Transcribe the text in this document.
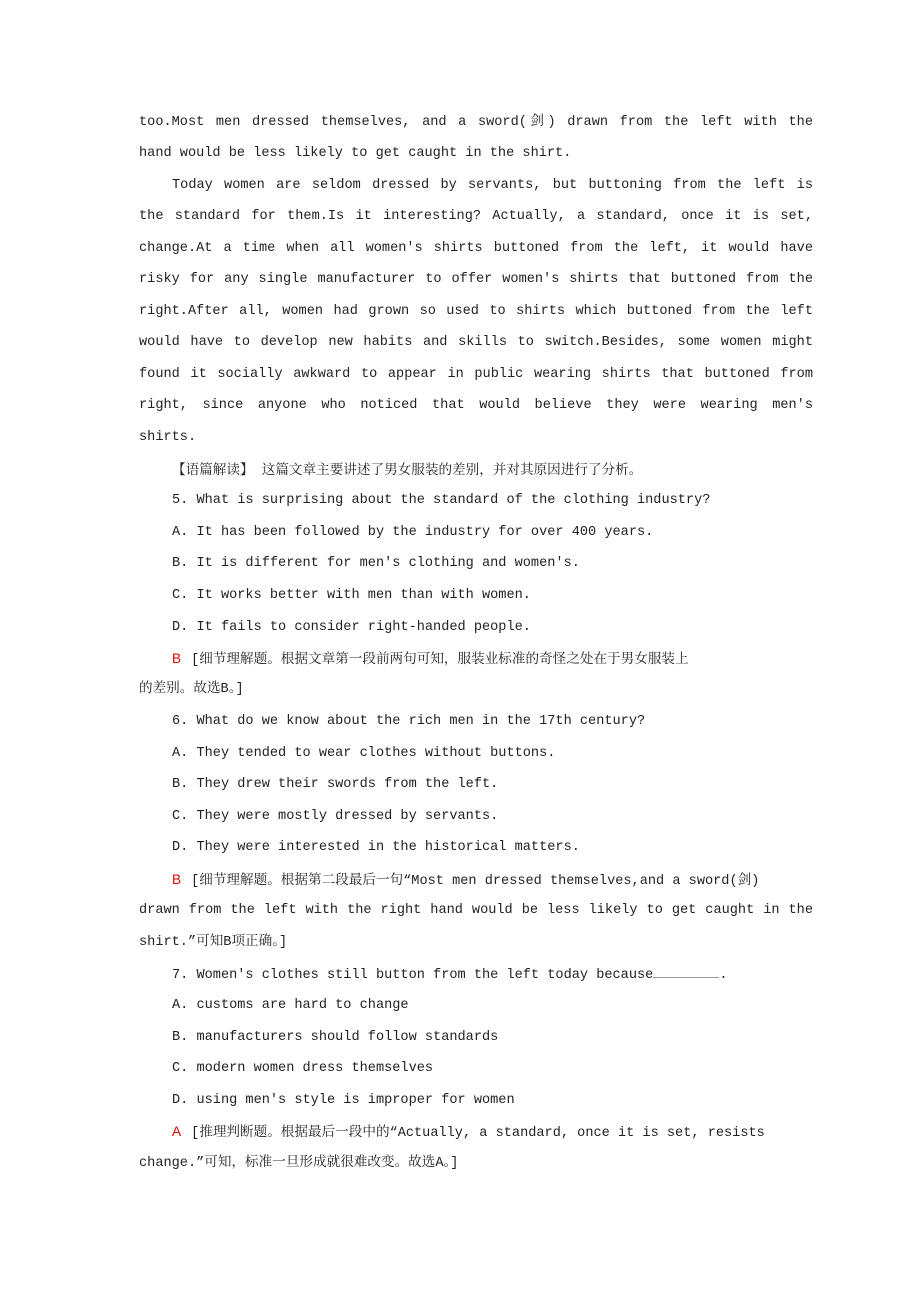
too.Most men dressed themselves, and a sword(剑) drawn from the left with the
hand would be less likely to get caught in the shirt.
Today women are seldom dressed by servants, but buttoning from the left is
the standard for them.Is it interesting? Actually, a standard, once it is set,
change.At a time when all women's shirts buttoned from the left, it would have
risky for any single manufacturer to offer women's shirts that buttoned from the
right.After all, women had grown so used to shirts which buttoned from the left
would have to develop new habits and skills to switch.Besides, some women might
found it socially awkward to appear in public wearing shirts that buttoned from
right, since anyone who noticed that would believe they were wearing men's
shirts.
【语篇解读】 这篇文章主要讲述了男女服装的差别，并对其原因进行了分析。
5. What is surprising about the standard of the clothing industry?
A. It has been followed by the industry for over 400 years.
B. It is different for men's clothing and women's.
C. It works better with men than with women.
D. It fails to consider right-handed people.
B [细节理解题。根据文章第一段前两句可知，服装业标准的奇怪之处在于男女服装上
的差别。故选B。]
6. What do we know about the rich men in the 17th century?
A. They tended to wear clothes without buttons.
B. They drew their swords from the left.
C. They were mostly dressed by servants.
D. They were interested in the historical matters.
B [细节理解题。根据第二段最后一句“Most men dressed themselves,and a sword(剑)
drawn from the left with the right hand would be less likely to get caught in the
shirt.”可知B项正确。]
7. Women's clothes still button from the left today because	.
A. customs are hard to change
B. manufacturers should follow standards
C. modern women dress themselves
D. using men's style is improper for women
A [推理判断题。根据最后一段中的“Actually, a standard, once it is set, resists
change.”可知，标准一旦形成就很难改变。故选A。]
